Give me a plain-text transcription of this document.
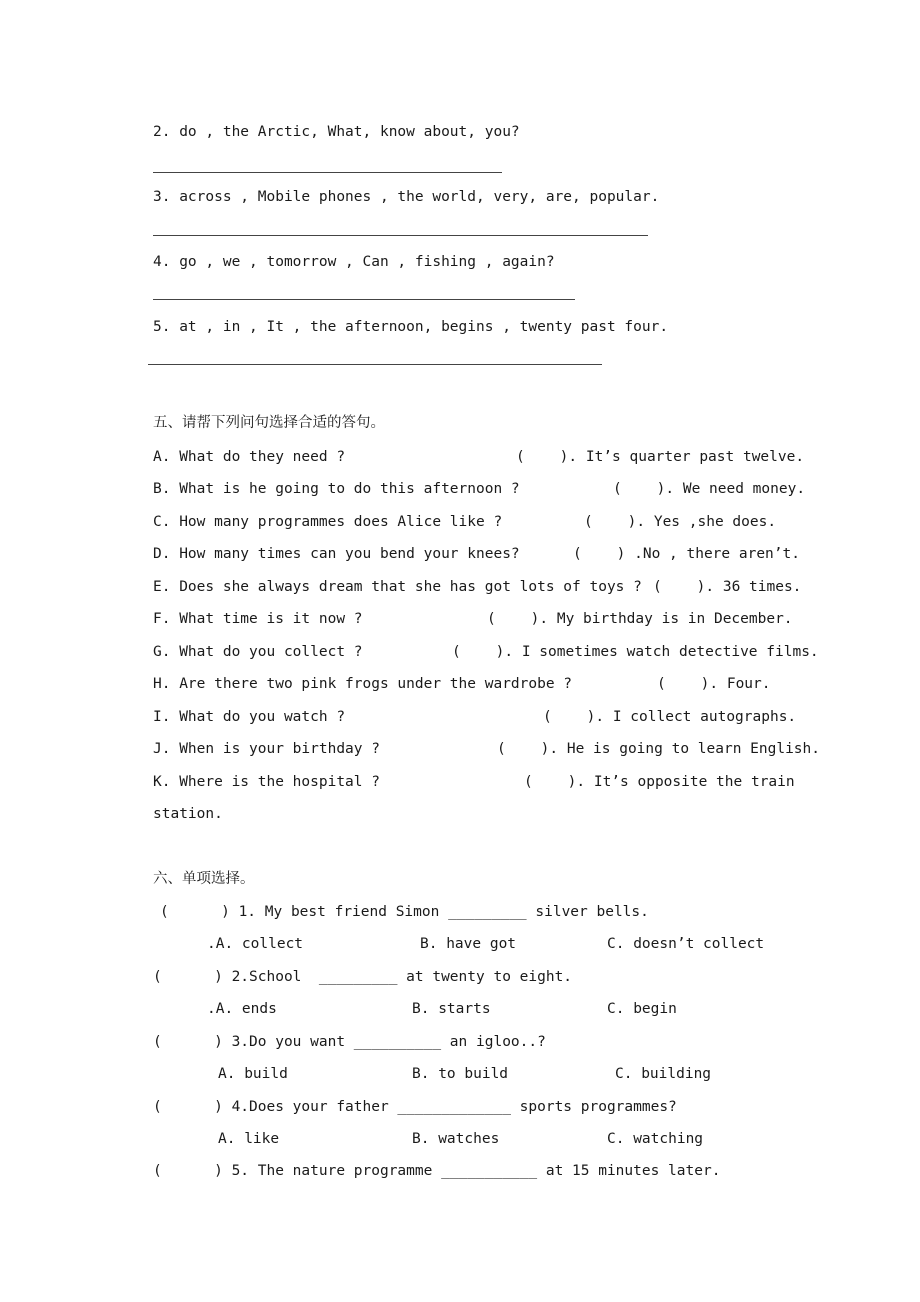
2. do , the Arctic, What, know about, you?
3. across , Mobile phones , the world, very, are, popular.
4. go , we , tomorrow , Can , fishing , again?
5. at , in , It , the afternoon, begins , twenty past four.
五、请帮下列问句选择合适的答句。
A. What do they need ?	(    ). It’s quarter past twelve.
B. What is he going to do this afternoon ?	(    ). We need money.
C. How many programmes does Alice like ?	(    ). Yes ,she does.
D. How many times can you bend your knees?	(    ) .No , there aren’t.
E. Does she always dream that she has got lots of toys ? (    ). 36 times.
F. What time is it now ?	(    ). My birthday is in December.
G. What do you collect ?	(    ). I sometimes watch detective films.
H. Are there two pink frogs under the wardrobe ?	(    ). Four.
I. What do you watch ?	(    ). I collect autographs.
J. When is your birthday ?	(    ). He is going to learn English.
K. Where is the hospital ?	(    ). It’s opposite the train
station.
六、单项选择。
(      ) 1. My best friend Simon _________ silver bells.
.A. collect	B. have got	C. doesn’t collect
(      ) 2.School  _________ at twenty to eight.
.A. ends	B. starts	C. begin
(      ) 3.Do you want __________ an igloo..?
A. build	B. to build	C. building
(      ) 4.Does your father _____________ sports programmes?
A. like	B. watches	C. watching
(      ) 5. The nature programme ___________ at 15 minutes later.
